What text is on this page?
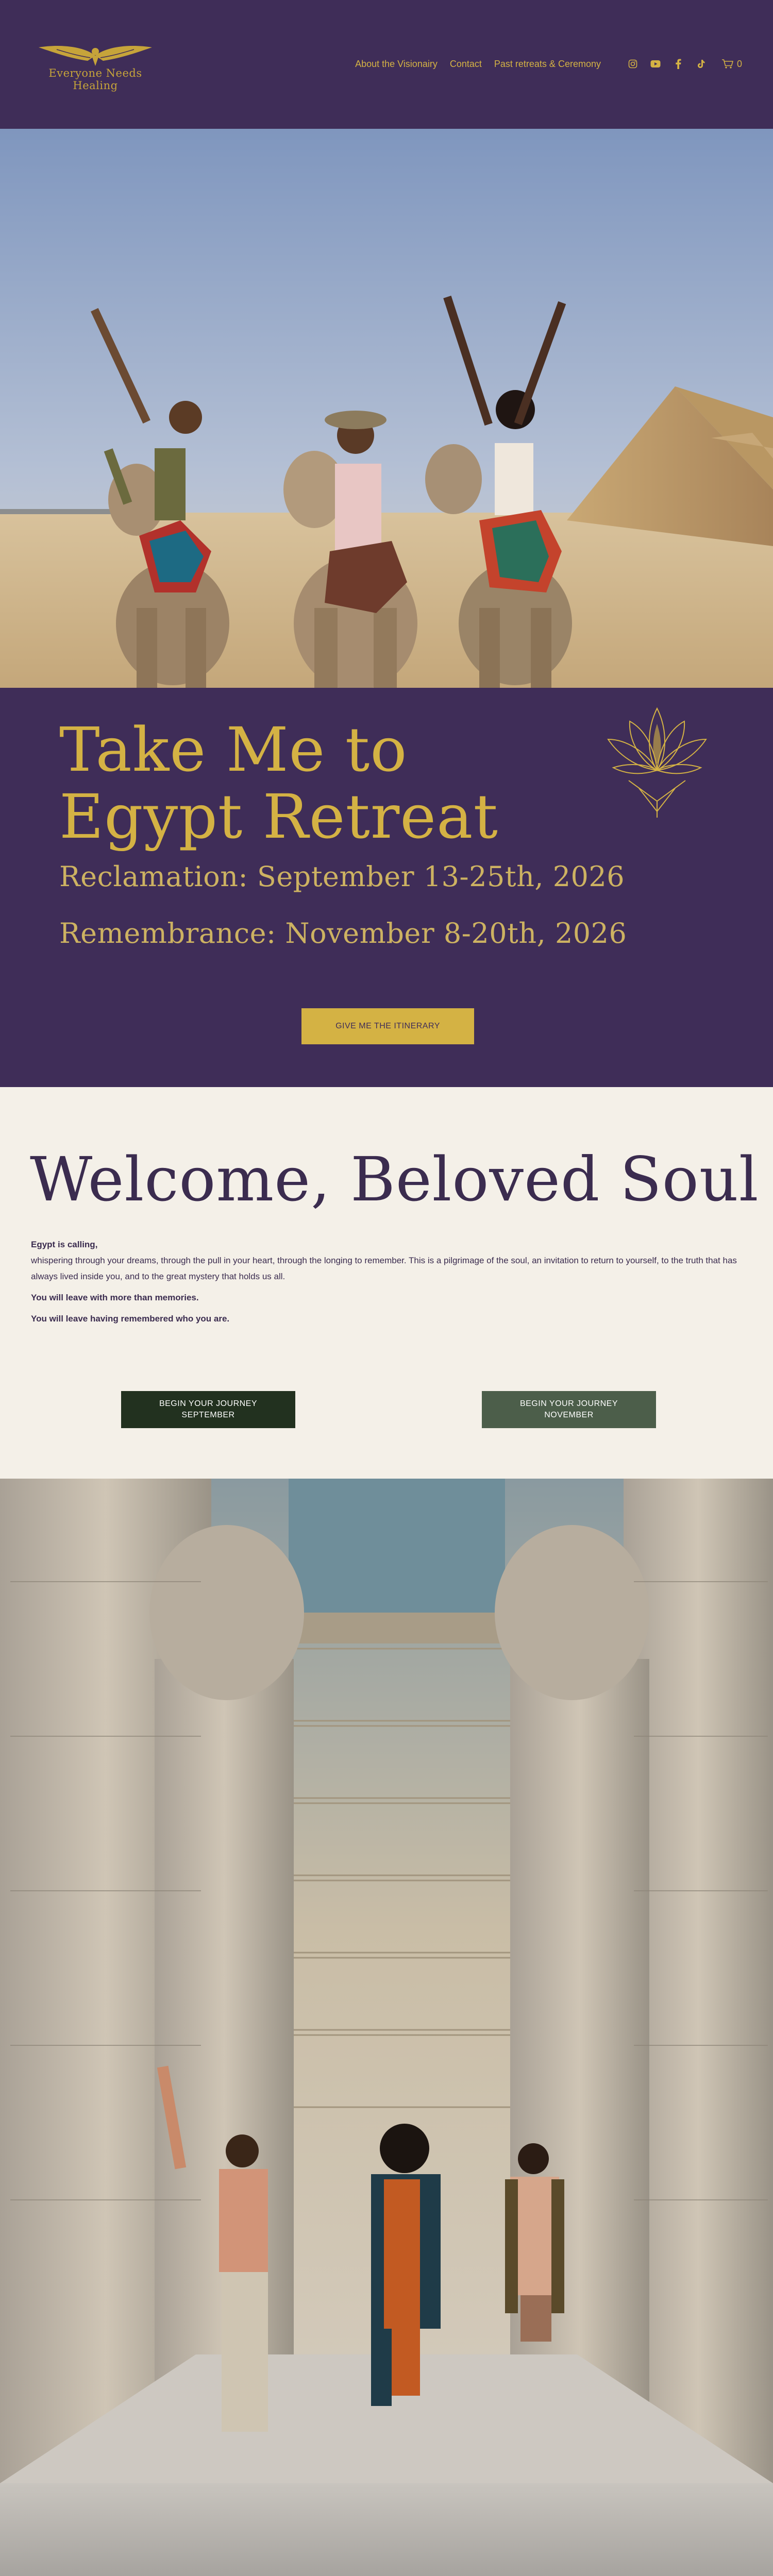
Everyone Needs Healing
About the Visionairy Contact Past retreats & Ceremony	0
Take Me to Egypt Retreat
Reclamation: September 13-25th, 2026
Remembrance: November 8-20th, 2026
GIVE ME THE ITINERARY
Welcome, Beloved Soul

Egypt is calling,
whispering through your dreams, through the pull in your heart, through the longing to remember. This is a pilgrimage of the soul, an invitation to return to yourself, to the truth that has always lived inside you, and to the great mystery that holds us all.

You will leave with more than memories.

You will leave having remembered who you are.

BEGIN YOUR JOURNEY
SEPTEMBER
BEGIN YOUR JOURNEY
NOVEMBER
